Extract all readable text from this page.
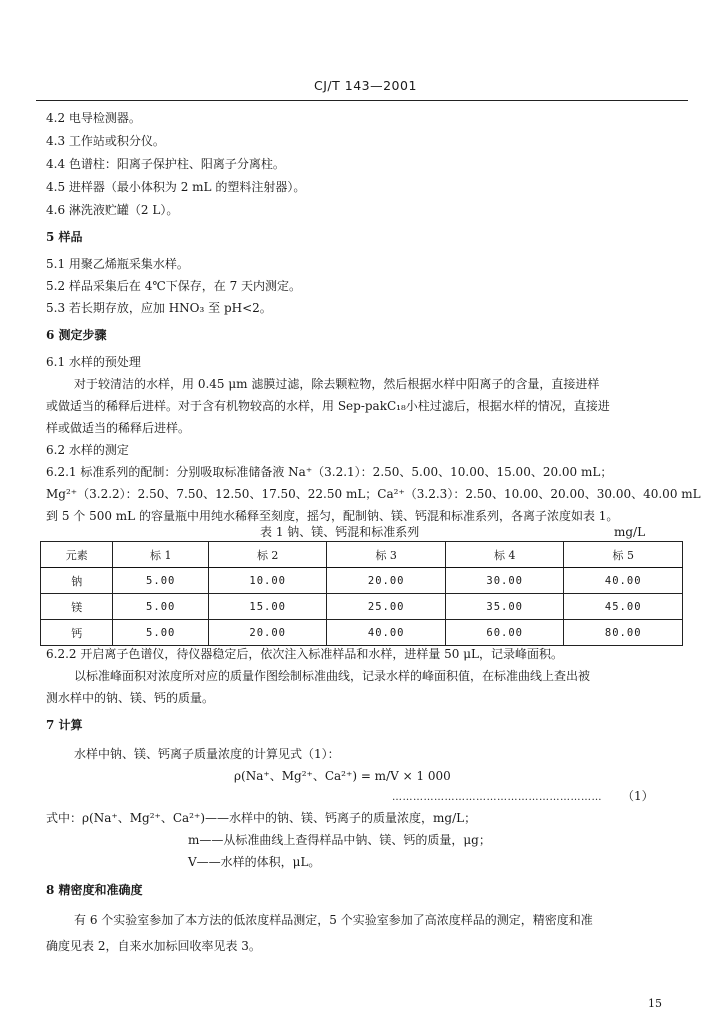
CJ/T 143—2001
4.2 电导检测器。
4.3 工作站或积分仪。
4.4 色谱柱：阳离子保护柱、阳离子分离柱。
4.5 进样器（最小体积为 2 mL 的塑料注射器）。
4.6 淋洗液贮罐（2 L）。
5 样品
5.1 用聚乙烯瓶采集水样。
5.2 样品采集后在 4℃下保存，在 7 天内测定。
5.3 若长期存放，应加 HNO₃ 至 pH<2。
6 测定步骤
6.1 水样的预处理
对于较清洁的水样，用 0.45 μm 滤膜过滤，除去颗粒物，然后根据水样中阳离子的含量，直接进样
或做适当的稀释后进样。对于含有机物较高的水样，用 Sep-pakC₁₈小柱过滤后，根据水样的情况，直接进
样或做适当的稀释后进样。
6.2 水样的测定
6.2.1 标准系列的配制：分别吸取标准储备液 Na⁺（3.2.1）：2.50、5.00、10.00、15.00、20.00 mL；
Mg²⁺（3.2.2）：2.50、7.50、12.50、17.50、22.50 mL；Ca²⁺（3.2.3）：2.50、10.00、20.00、30.00、40.00 mL
到 5 个 500 mL 的容量瓶中用纯水稀释至刻度，摇匀，配制钠、镁、钙混和标准系列，各离子浓度如表 1。
表 1 钠、镁、钙混和标准系列	mg/L
元素	标 1	标 2	标 3	标 4	标 5
钠	5.00	10.00	20.00	30.00	40.00
镁	5.00	15.00	25.00	35.00	45.00
钙	5.00	20.00	40.00	60.00	80.00
6.2.2 开启离子色谱仪，待仪器稳定后，依次注入标准样品和水样，进样量 50 μL，记录峰面积。
以标准峰面积对浓度所对应的质量作图绘制标准曲线，记录水样的峰面积值，在标准曲线上查出被
测水样中的钠、镁、钙的质量。
7 计算
水样中钠、镁、钙离子质量浓度的计算见式（1）：
ρ(Na⁺、Mg²⁺、Ca²⁺) = m/V × 1 000
…………………………………………………… （1）
式中：ρ(Na⁺、Mg²⁺、Ca²⁺)——水样中的钠、镁、钙离子的质量浓度，mg/L；
m——从标准曲线上查得样品中钠、镁、钙的质量，μg；
V——水样的体积，μL。
8 精密度和准确度
有 6 个实验室参加了本方法的低浓度样品测定，5 个实验室参加了高浓度样品的测定，精密度和准
确度见表 2，自来水加标回收率见表 3。
15
